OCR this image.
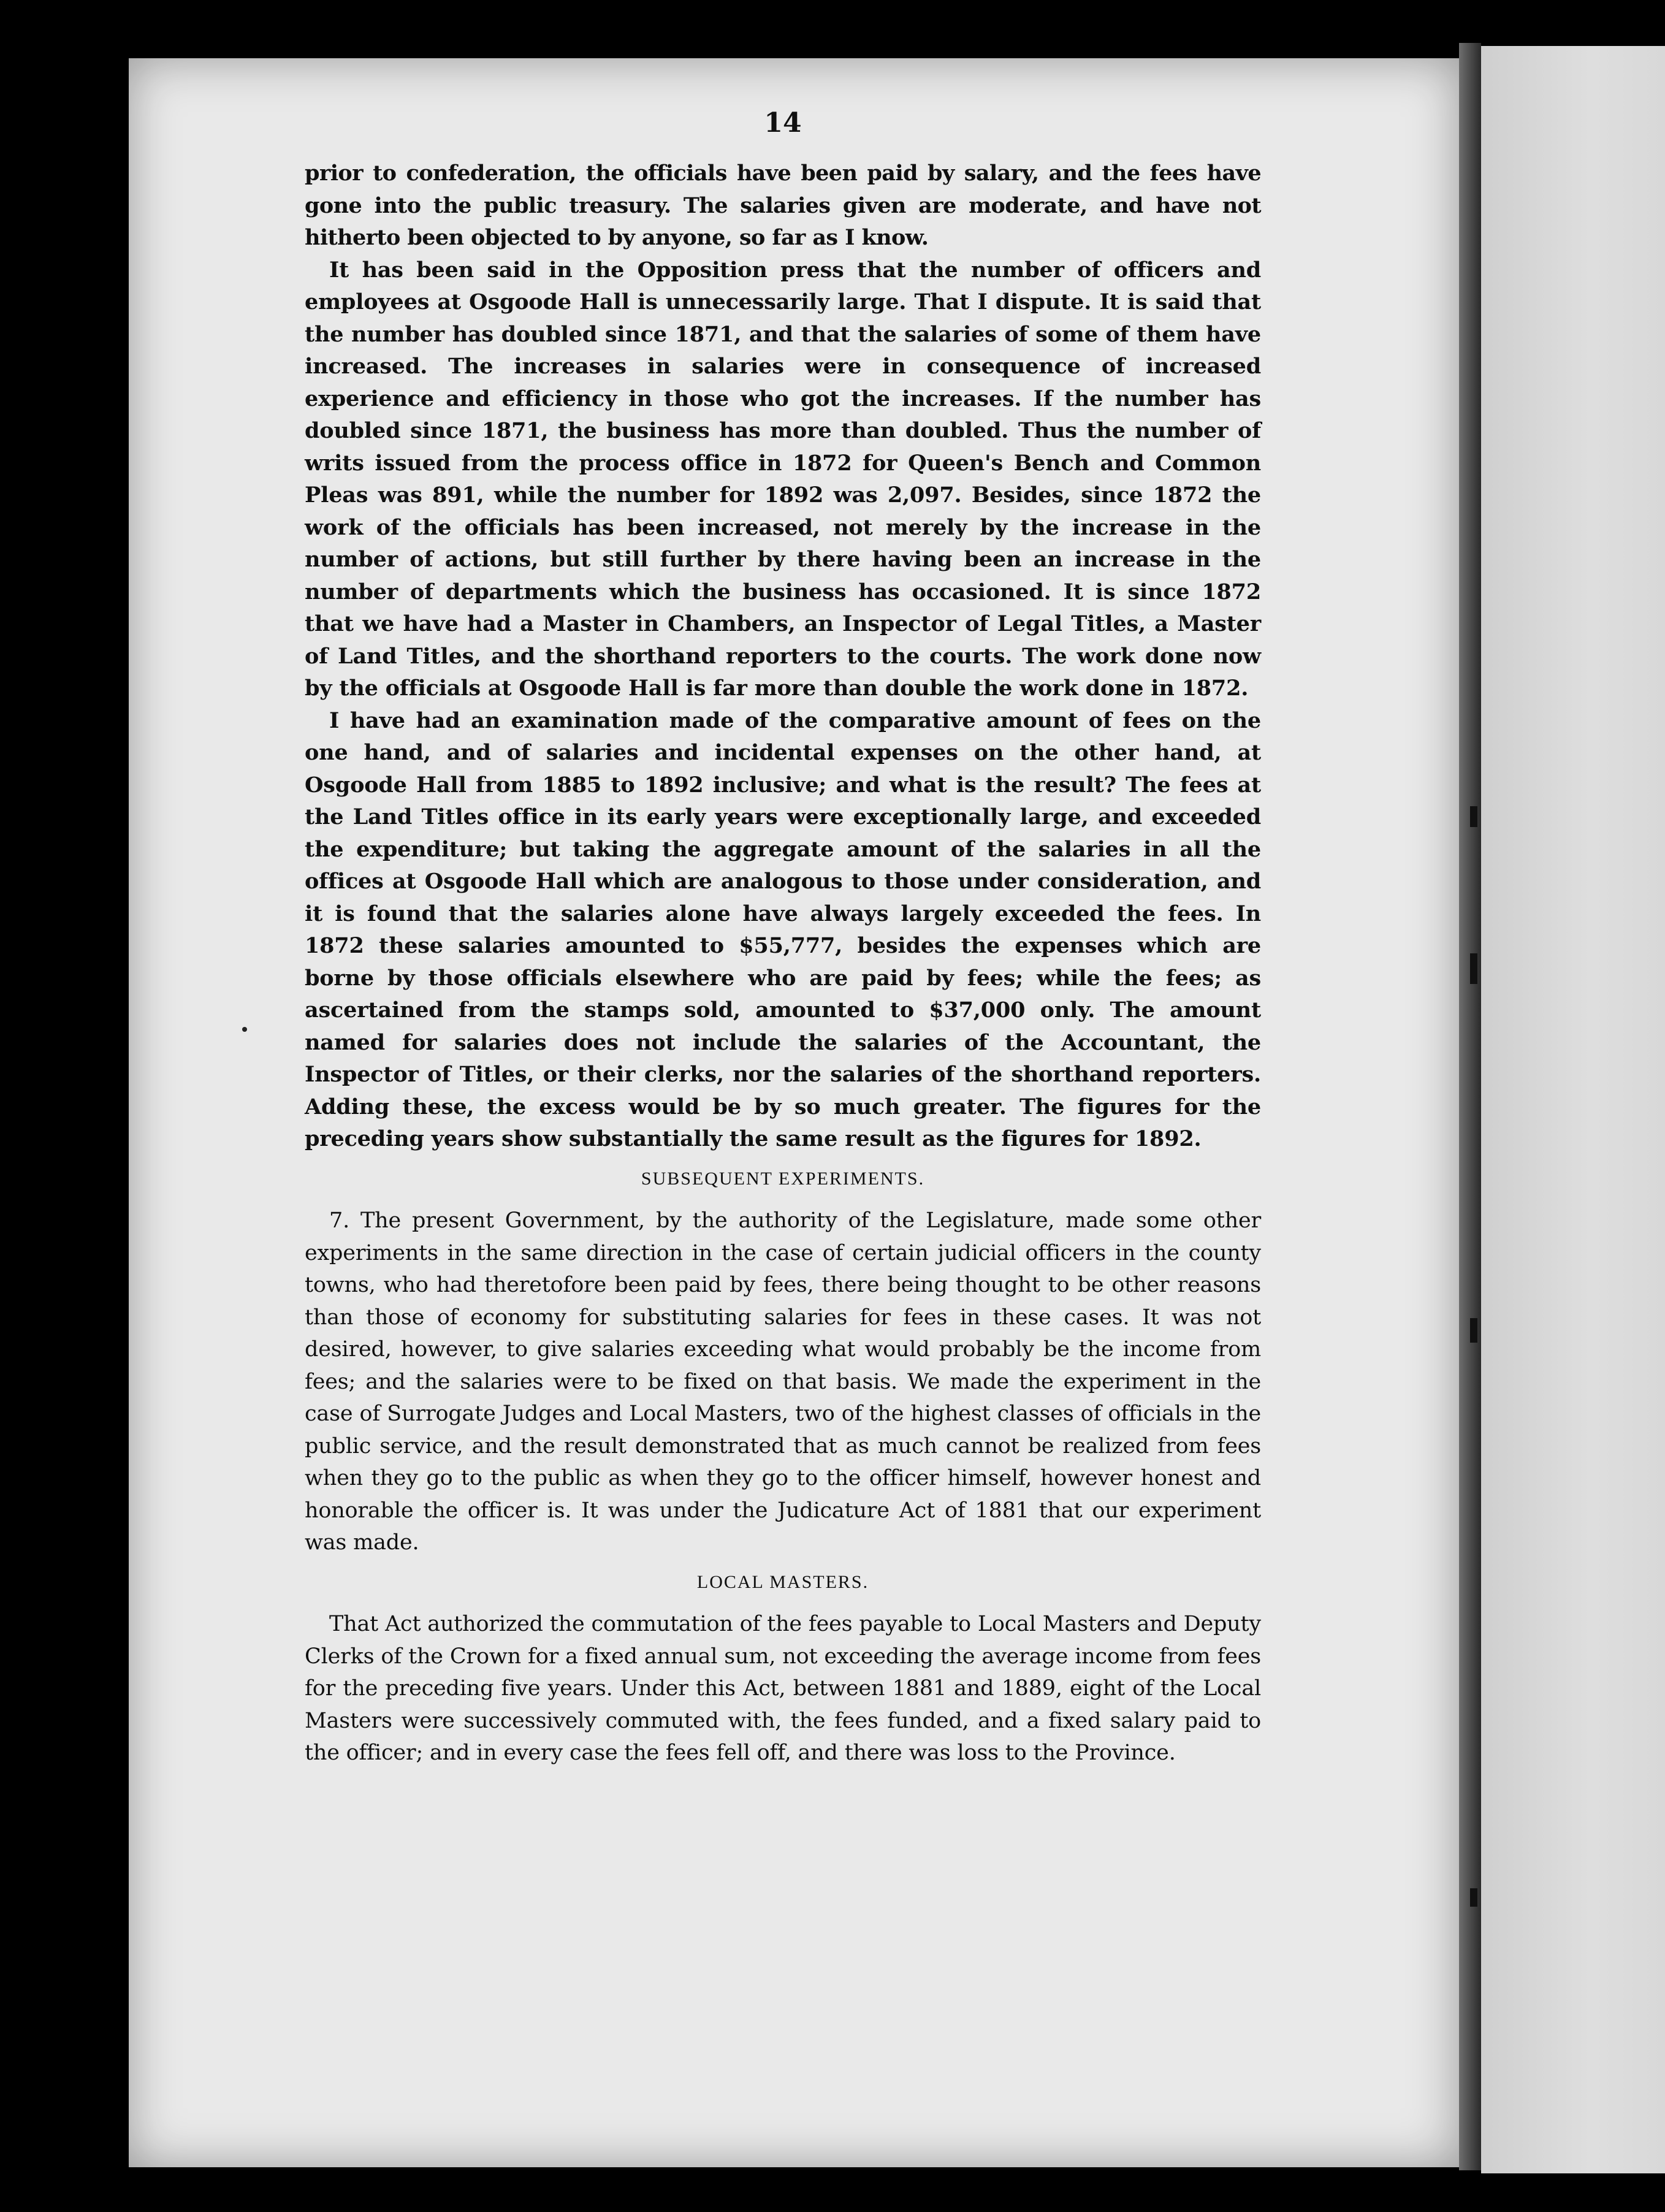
14

prior to confederation, the officials have been paid by salary, and the fees have gone into the public treasury. The salaries given are moderate, and have not hitherto been objected to by anyone, so far as I know.

It has been said in the Opposition press that the number of officers and employees at Osgoode Hall is unnecessarily large. That I dispute. It is said that the number has doubled since 1871, and that the salaries of some of them have increased. The increases in salaries were in consequence of increased experience and efficiency in those who got the increases. If the number has doubled since 1871, the business has more than doubled. Thus the number of writs issued from the process office in 1872 for Queen's Bench and Common Pleas was 891, while the number for 1892 was 2,097. Besides, since 1872 the work of the officials has been increased, not merely by the increase in the number of actions, but still further by there having been an increase in the number of departments which the business has occasioned. It is since 1872 that we have had a Master in Chambers, an Inspector of Legal Titles, a Master of Land Titles, and the shorthand reporters to the courts. The work done now by the officials at Osgoode Hall is far more than double the work done in 1872.

I have had an examination made of the comparative amount of fees on the one hand, and of salaries and incidental expenses on the other hand, at Osgoode Hall from 1885 to 1892 inclusive; and what is the result? The fees at the Land Titles office in its early years were exceptionally large, and exceeded the expenditure; but taking the aggregate amount of the salaries in all the offices at Osgoode Hall which are analogous to those under consideration, and it is found that the salaries alone have always largely exceeded the fees. In 1872 these salaries amounted to $55,777, besides the expenses which are borne by those officials elsewhere who are paid by fees; while the fees; as ascertained from the stamps sold, amounted to $37,000 only. The amount named for salaries does not include the salaries of the Accountant, the Inspector of Titles, or their clerks, nor the salaries of the shorthand reporters. Adding these, the excess would be by so much greater. The figures for the preceding years show substantially the same result as the figures for 1892.

SUBSEQUENT EXPERIMENTS.

7. The present Government, by the authority of the Legislature, made some other experiments in the same direction in the case of certain judicial officers in the county towns, who had theretofore been paid by fees, there being thought to be other reasons than those of economy for substituting salaries for fees in these cases. It was not desired, however, to give salaries exceeding what would probably be the income from fees; and the salaries were to be fixed on that basis. We made the experiment in the case of Surrogate Judges and Local Masters, two of the highest classes of officials in the public service, and the result demonstrated that as much cannot be realized from fees when they go to the public as when they go to the officer himself, however honest and honorable the officer is. It was under the Judicature Act of 1881 that our experiment was made.

LOCAL MASTERS.

That Act authorized the commutation of the fees payable to Local Masters and Deputy Clerks of the Crown for a fixed annual sum, not exceeding the average income from fees for the preceding five years. Under this Act, between 1881 and 1889, eight of the Local Masters were successively commuted with, the fees funded, and a fixed salary paid to the officer; and in every case the fees fell off, and there was loss to the Province.
